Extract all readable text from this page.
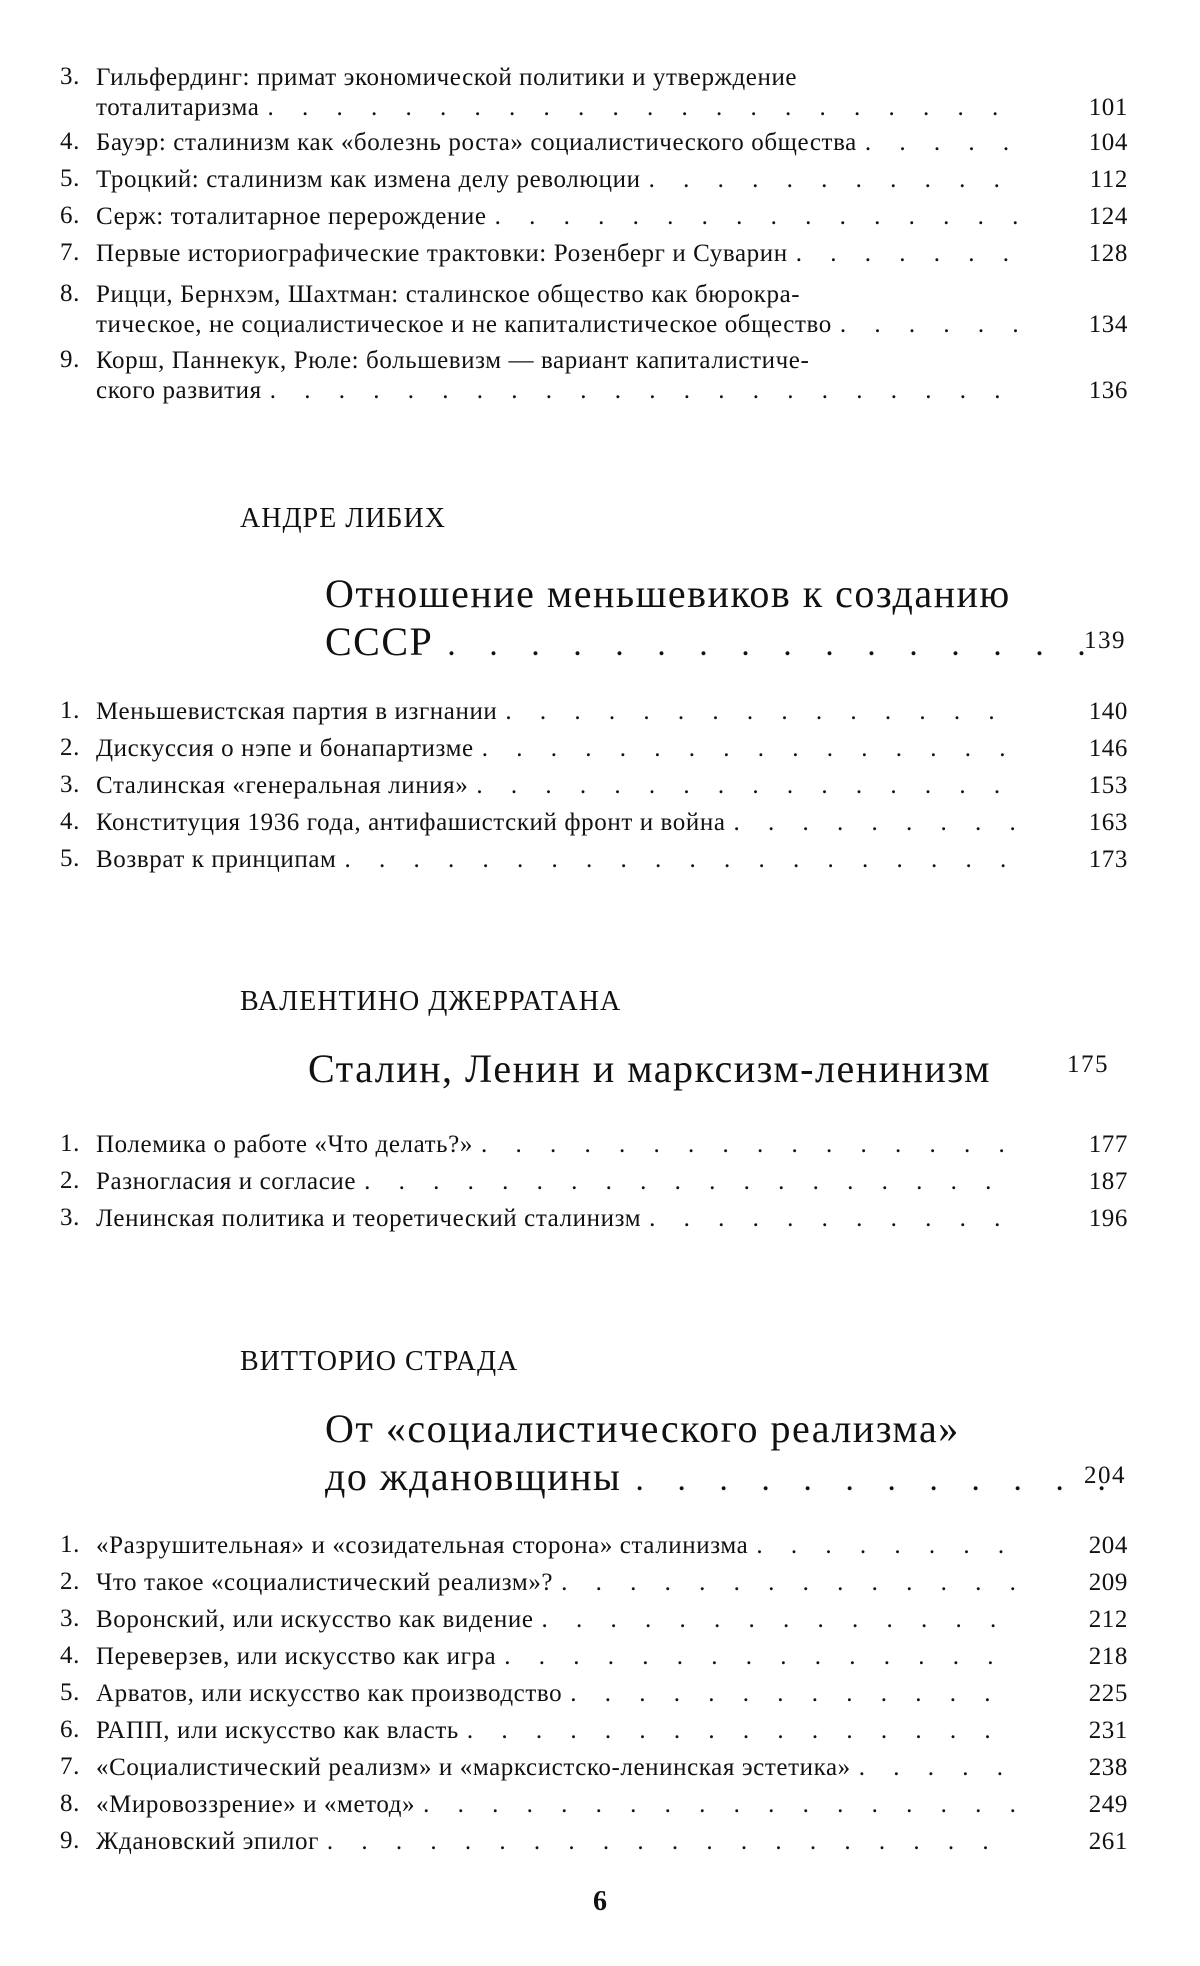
3. Гильфердинг: примат экономической политики и утверждение
тоталитаризма . . .	101
4. Бауэр: сталинизм как «болезнь роста» социалистического общества . . .	104
5. Троцкий: сталинизм как измена делу революции . . .	112
6. Серж: тоталитарное перерождение . . .	124
7. Первые историографические трактовки: Розенберг и Суварин . . .	128
8. Рицци, Бернхэм, Шахтман: сталинское общество как бюрокра-
тическое, не социалистическое и не капиталистическое общество . . .	134
9. Корш, Паннекук, Рюле: большевизм — вариант капиталистиче-
ского развития . . .	136
АНДРЕ ЛИБИХ
Отношение меньшевиков к созданию
СССР . . .	139
1. Меньшевистская партия в изгнании . . .	140
2. Дискуссия о нэпе и бонапартизме . . .	146
3. Сталинская «генеральная линия» . . .	153
4. Конституция 1936 года, антифашистский фронт и война . . .	163
5. Возврат к принципам . . .	173
ВАЛЕНТИНО ДЖЕРРАТАНА
Сталин, Ленин и марксизм-ленинизм	175
1. Полемика о работе «Что делать?» . . .	177
2. Разногласия и согласие . . .	187
3. Ленинская политика и теоретический сталинизм . . .	196
ВИТТОРИО СТРАДА
От «социалистического реализма»
до ждановщины . . .	204
1. «Разрушительная» и «созидательная сторона» сталинизма . . .	204
2. Что такое «социалистический реализм»? . . .	209
3. Воронский, или искусство как видение . . .	212
4. Переверзев, или искусство как игра . . .	218
5. Арватов, или искусство как производство . . .	225
6. РАПП, или искусство как власть . . .	231
7. «Социалистический реализм» и «марксистско-ленинская эстетика» . . .	238
8. «Мировоззрение» и «метод» . . .	249
9. Ждановский эпилог . . .	261
6
